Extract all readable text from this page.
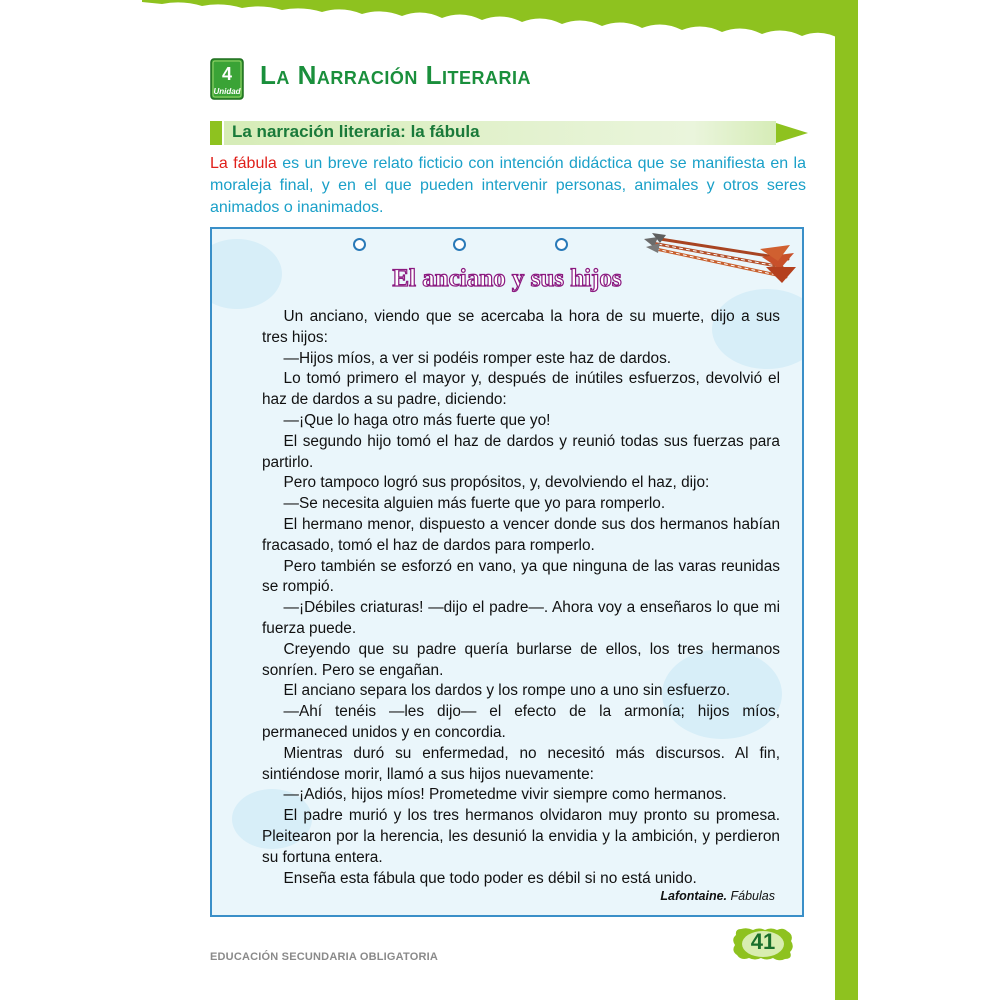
4
Unidad
La Narración Literaria
La narración literaria: la fábula
La fábula es un breve relato ficticio con intención didáctica que se manifiesta en la moraleja final, y en el que pueden intervenir personas, animales y otros seres animados o inanimados.
El anciano y sus hijos

Un anciano, viendo que se acercaba la hora de su muerte, dijo a sus tres hijos:

—Hijos míos, a ver si podéis romper este haz de dardos.

Lo tomó primero el mayor y, después de inútiles esfuerzos, devolvió el haz de dardos a su padre, diciendo:

—¡Que lo haga otro más fuerte que yo!

El segundo hijo tomó el haz de dardos y reunió todas sus fuerzas para partirlo.

Pero tampoco logró sus propósitos, y, devolviendo el haz, dijo:

—Se necesita alguien más fuerte que yo para romperlo.

El hermano menor, dispuesto a vencer donde sus dos hermanos habían fracasado, tomó el haz de dardos para romperlo.

Pero también se esforzó en vano, ya que ninguna de las varas reunidas se rompió.

—¡Débiles criaturas! —dijo el padre—. Ahora voy a enseñaros lo que mi fuerza puede.

Creyendo que su padre quería burlarse de ellos, los tres hermanos sonríen. Pero se engañan.

El anciano separa los dardos y los rompe uno a uno sin esfuerzo.

—Ahí tenéis —les dijo— el efecto de la armonía; hijos míos, permaneced unidos y en concordia.

Mientras duró su enfermedad, no necesitó más discursos. Al fin, sintiéndose morir, llamó a sus hijos nuevamente:

—¡Adiós, hijos míos! Prometedme vivir siempre como hermanos.

El padre murió y los tres hermanos olvidaron muy pronto su promesa. Pleitearon por la herencia, les desunió la envidia y la ambición, y perdieron su fortuna entera.

Enseña esta fábula que todo poder es débil si no está unido.

Lafontaine. Fábulas
EDUCACIÓN SECUNDARIA OBLIGATORIA
41
